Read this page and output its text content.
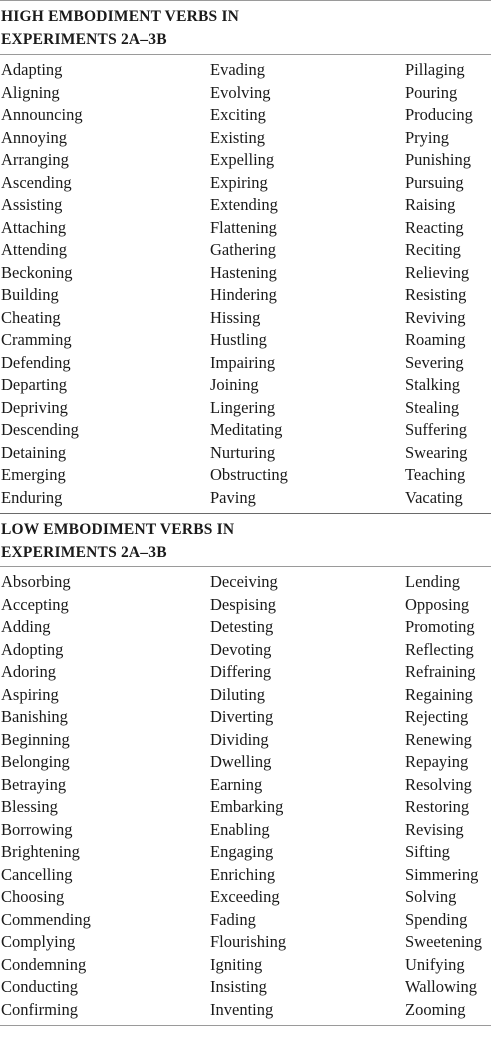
HIGH EMBODIMENT VERBS IN
EXPERIMENTS 2A–3B
Adapting	Evading	Pillaging
Aligning	Evolving	Pouring
Announcing	Exciting	Producing
Annoying	Existing	Prying
Arranging	Expelling	Punishing
Ascending	Expiring	Pursuing
Assisting	Extending	Raising
Attaching	Flattening	Reacting
Attending	Gathering	Reciting
Beckoning	Hastening	Relieving
Building	Hindering	Resisting
Cheating	Hissing	Reviving
Cramming	Hustling	Roaming
Defending	Impairing	Severing
Departing	Joining	Stalking
Depriving	Lingering	Stealing
Descending	Meditating	Suffering
Detaining	Nurturing	Swearing
Emerging	Obstructing	Teaching
Enduring	Paving	Vacating
LOW EMBODIMENT VERBS IN
EXPERIMENTS 2A–3B
Absorbing	Deceiving	Lending
Accepting	Despising	Opposing
Adding	Detesting	Promoting
Adopting	Devoting	Reflecting
Adoring	Differing	Refraining
Aspiring	Diluting	Regaining
Banishing	Diverting	Rejecting
Beginning	Dividing	Renewing
Belonging	Dwelling	Repaying
Betraying	Earning	Resolving
Blessing	Embarking	Restoring
Borrowing	Enabling	Revising
Brightening	Engaging	Sifting
Cancelling	Enriching	Simmering
Choosing	Exceeding	Solving
Commending	Fading	Spending
Complying	Flourishing	Sweetening
Condemning	Igniting	Unifying
Conducting	Insisting	Wallowing
Confirming	Inventing	Zooming
